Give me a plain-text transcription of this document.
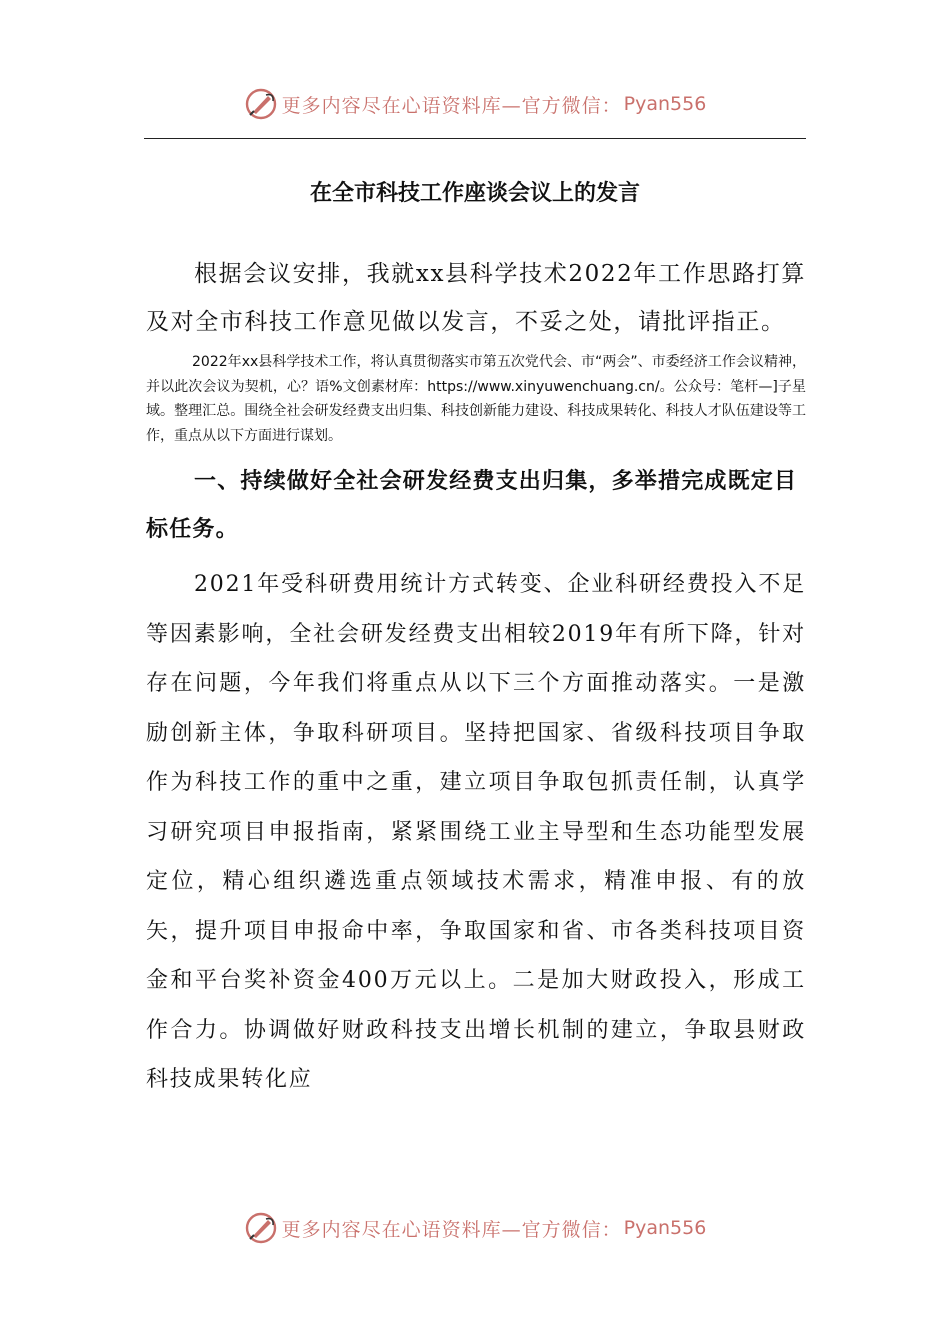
更多内容尽在心语资料库—官方微信： Pyan556
在全市科技工作座谈会议上的发言

根据会议安排，我就xx县科学技术2022年工作思路打算及对全市科技工作意见做以发言，不妥之处，请批评指正。

2022年xx县科学技术工作，将认真贯彻落实市第五次党代会、市“两会”、市委经济工作会议精神，并以此次会议为契机，心？语%文创素材库：https://www.xinyuwenchuang.cn/。公众号：笔杆—]子星域。整理汇总。围绕全社会研发经费支出归集、科技创新能力建设、科技成果转化、科技人才队伍建设等工作，重点从以下方面进行谋划。

一、持续做好全社会研发经费支出归集，多举措完成既定目标任务。

2021年受科研费用统计方式转变、企业科研经费投入不足等因素影响，全社会研发经费支出相较2019年有所下降，针对存在问题，今年我们将重点从以下三个方面推动落实。一是激励创新主体，争取科研项目。坚持把国家、省级科技项目争取作为科技工作的重中之重，建立项目争取包抓责任制，认真学习研究项目申报指南，紧紧围绕工业主导型和生态功能型发展定位，精心组织遴选重点领域技术需求，精准申报、有的放矢，提升项目申报命中率，争取国家和省、市各类科技项目资金和平台奖补资金400万元以上。二是加大财政投入，形成工作合力。协调做好财政科技支出增长机制的建立，争取县财政科技成果转化应

更多内容尽在心语资料库—官方微信： Pyan556
